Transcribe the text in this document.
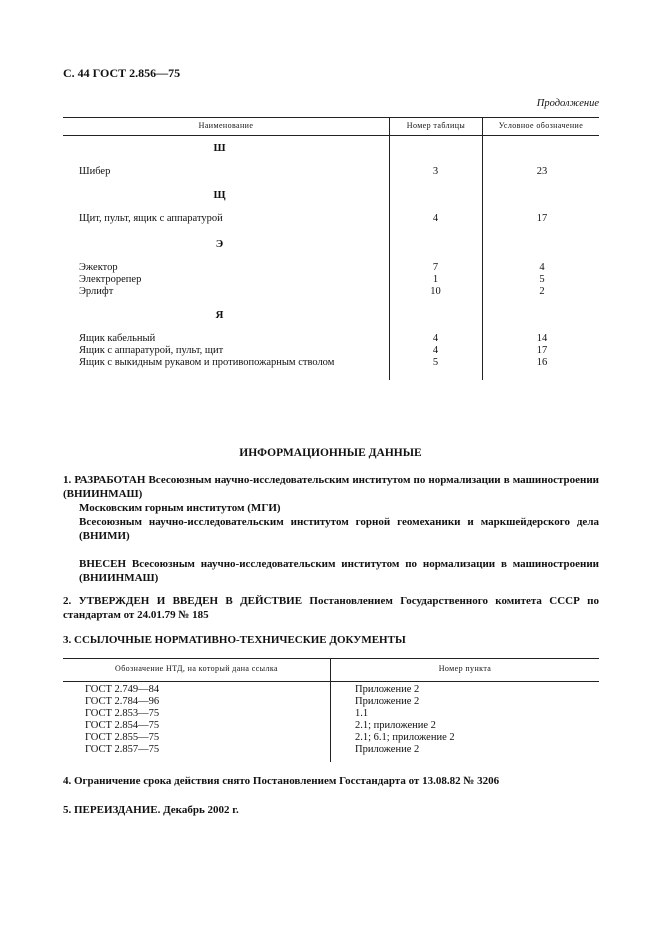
С. 44 ГОСТ 2.856—75
Продолжение
Наименование	Номер таблицы	Условное обозначение
Ш
Шибер	3	23
Щ
Щит, пульт, ящик с аппаратурой	4	17
Э
Эжектор	7	4
Электрорепер	1	5
Эрлифт	10	2
Я
Ящик кабельный	4	14
Ящик с аппаратурой, пульт, щит	4	17
Ящик с выкидным рукавом и противопожарным стволом	5	16
ИНФОРМАЦИОННЫЕ ДАННЫЕ
1. РАЗРАБОТАН Всесоюзным научно-исследовательским институтом по нормализации в машиностроении (ВНИИНМАШ)
Московским горным институтом (МГИ)
Всесоюзным научно-исследовательским институтом горной геомеханики и маркшейдерского дела (ВНИМИ)
ВНЕСЕН Всесоюзным научно-исследовательским институтом по нормализации в машиностроении (ВНИИНМАШ)
2. УТВЕРЖДЕН И ВВЕДЕН В ДЕЙСТВИЕ Постановлением Государственного комитета СССР по стандартам от 24.01.79 № 185
3. ССЫЛОЧНЫЕ НОРМАТИВНО-ТЕХНИЧЕСКИЕ ДОКУМЕНТЫ
Обозначение НТД, на который дана ссылка	Номер пункта
ГОСТ 2.749—84	Приложение 2
ГОСТ 2.784—96	Приложение 2
ГОСТ 2.853—75	1.1
ГОСТ 2.854—75	2.1; приложение 2
ГОСТ 2.855—75	2.1; 6.1; приложение 2
ГОСТ 2.857—75	Приложение 2
4. Ограничение срока действия снято Постановлением Госстандарта от 13.08.82 № 3206
5. ПЕРЕИЗДАНИЕ. Декабрь 2002 г.
